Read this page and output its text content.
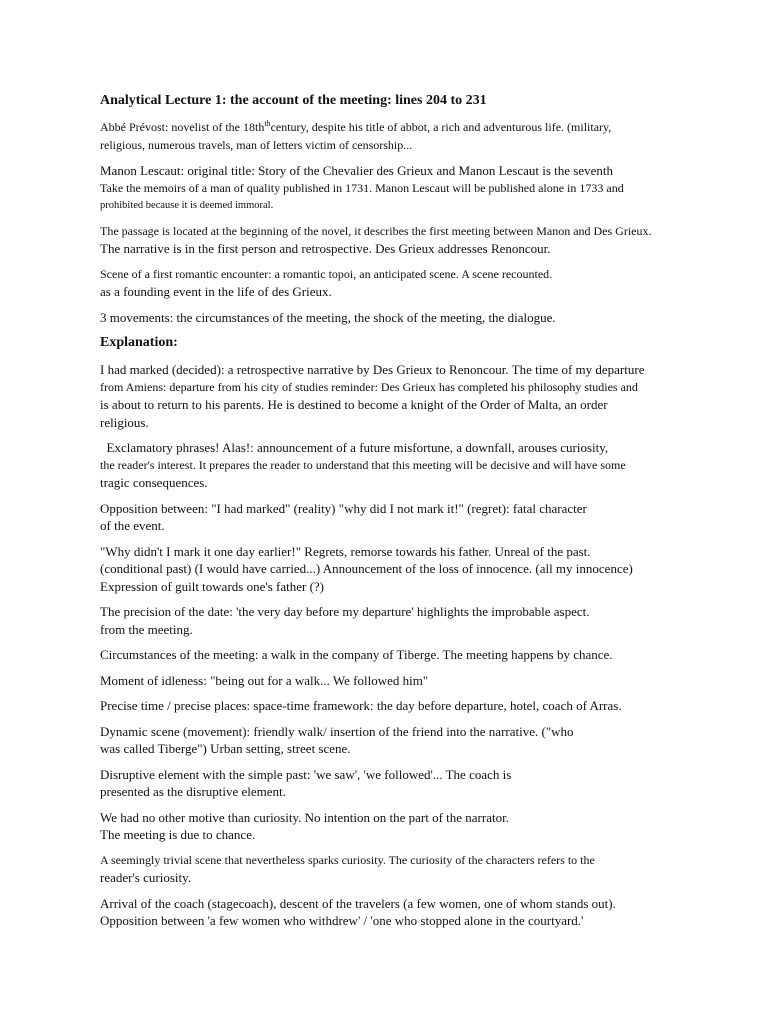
Analytical Lecture 1: the account of the meeting: lines 204 to 231
Abbé Prévost: novelist of the $18th^{th}century$, despite his title of abbot, a rich and adventurous life. (military,
religious, numerous travels, man of letters victim of censorship...
Manon Lescaut: original title: Story of the Chevalier des Grieux and Manon Lescaut is the seventh
Take the memoirs of a man of quality published in 1731. Manon Lescaut will be published alone in 1733 and
prohibited because it is deemed immoral.
The passage is located at the beginning of the novel, it describes the first meeting between Manon and Des Grieux.
The narrative is in the first person and retrospective. Des Grieux addresses Renoncour.
Scene of a first romantic encounter: a romantic topoi, an anticipated scene. A scene recounted.
as a founding event in the life of des Grieux.
3 movements: the circumstances of the meeting, the shock of the meeting, the dialogue.
Explanation:
I had marked (decided): a retrospective narrative by Des Grieux to Renoncour. The time of my departure
from Amiens: departure from his city of studies reminder: Des Grieux has completed his philosophy studies and
is about to return to his parents. He is destined to become a knight of the Order of Malta, an order
religious.
Exclamatory phrases! Alas!: announcement of a future misfortune, a downfall, arouses curiosity,
the reader's interest. It prepares the reader to understand that this meeting will be decisive and will have some
tragic consequences.
Opposition between: "I had marked" (reality) "why did I not mark it!" (regret): fatal character
of the event.
"Why didn't I mark it one day earlier!" Regrets, remorse towards his father. Unreal of the past.
(conditional past) (I would have carried...) Announcement of the loss of innocence. (all my innocence)
Expression of guilt towards one's father (?)
The precision of the date: 'the very day before my departure' highlights the improbable aspect.
from the meeting.
Circumstances of the meeting: a walk in the company of Tiberge. The meeting happens by chance.
Moment of idleness: "being out for a walk... We followed him"
Precise time / precise places: space-time framework: the day before departure, hotel, coach of Arras.
Dynamic scene (movement): friendly walk/ insertion of the friend into the narrative. ("who
was called Tiberge") Urban setting, street scene.
Disruptive element with the simple past: 'we saw', 'we followed'... The coach is
presented as the disruptive element.
We had no other motive than curiosity. No intention on the part of the narrator.
The meeting is due to chance.
A seemingly trivial scene that nevertheless sparks curiosity. The curiosity of the characters refers to the
reader's curiosity.
Arrival of the coach (stagecoach), descent of the travelers (a few women, one of whom stands out).
Opposition between 'a few women who withdrew' / 'one who stopped alone in the courtyard.'
